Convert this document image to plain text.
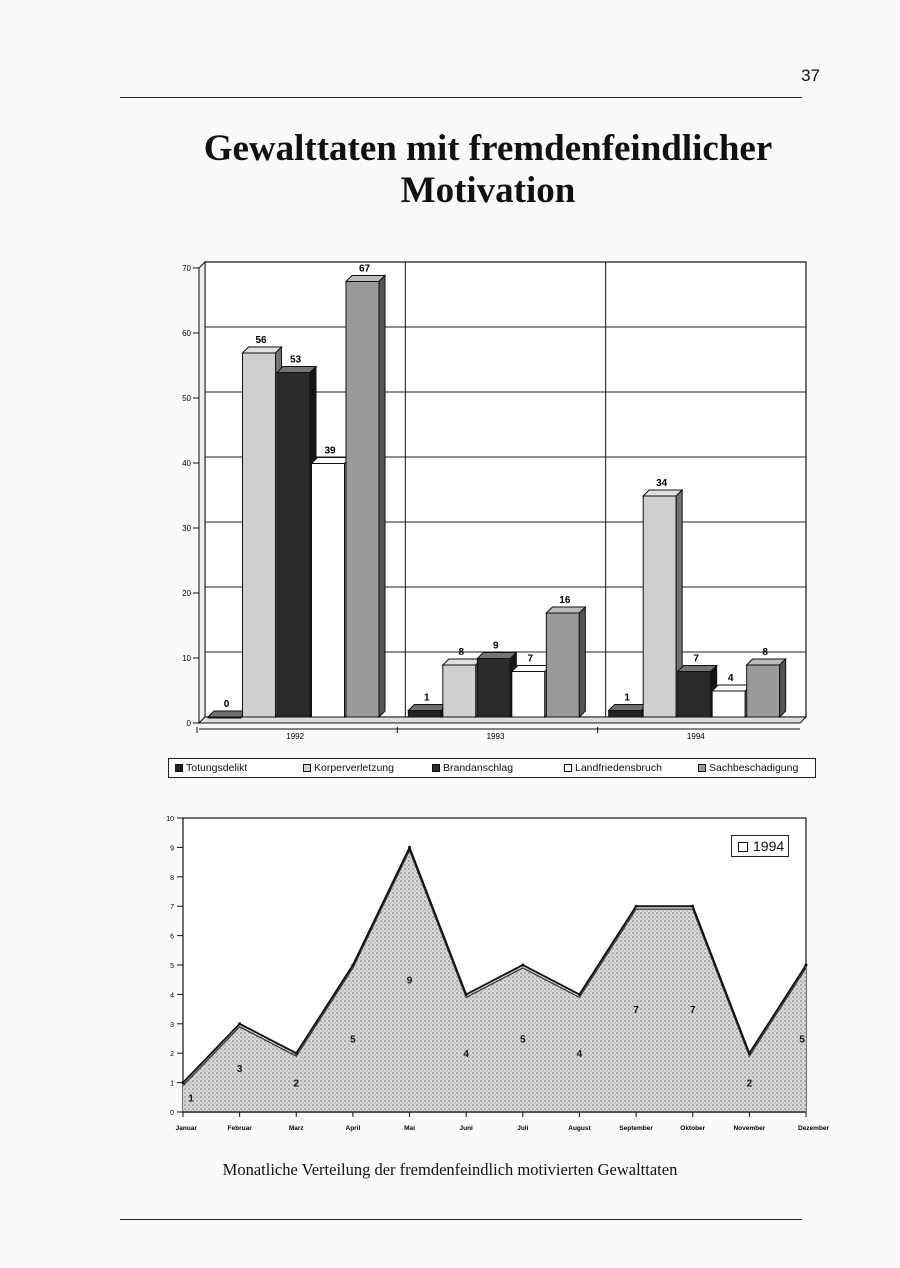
37
Gewalttaten mit fremdenfeindlicher
Motivation
0
10
20
30
40
50
60
70
1992
0
56
53
39
67
1993
1
8
9
7
16
1994
1
34
7
4
8
Totungsdelikt	Korperverletzung	Brandanschlag	Landfriedensbruch	Sachbeschadigung
1
3
2
5
9
4
5
4
7	7
2
5
0
1
2
3
4
5
6
7
8
9
10
Januar	Februar	Marz	April	Mai	Juni	Juli	August	September	Oktober	November	Dezember
1994
Monatliche Verteilung der fremdenfeindlich motivierten Gewalttaten
